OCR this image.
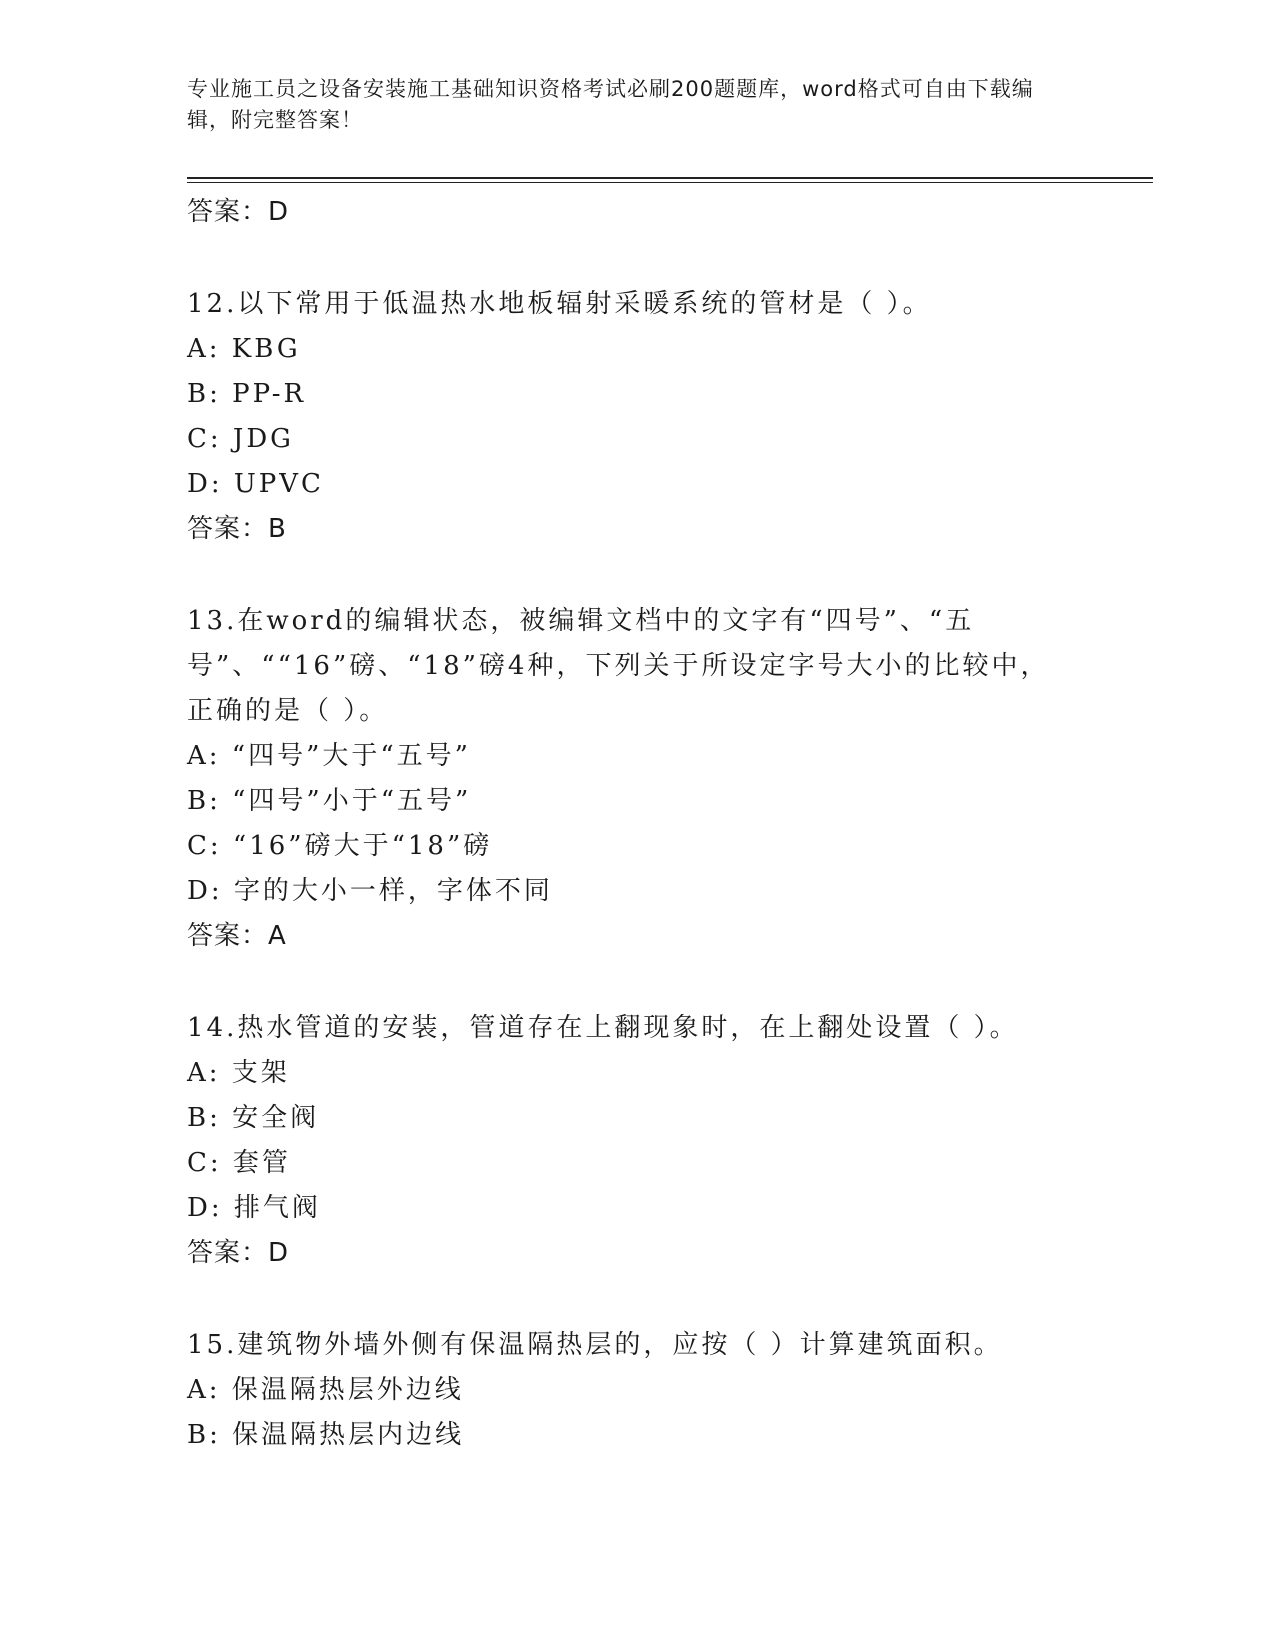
专业施工员之设备安装施工基础知识资格考试必刷200题题库，word格式可自由下载编辑，附完整答案！
答案：D
12.以下常用于低温热水地板辐射采暖系统的管材是（ ）。
A: KBG
B: PP-R
C: JDG
D: UPVC
答案：B
13.在word的编辑状态，被编辑文档中的文字有“四号”、“五号”、““16”磅、“18”磅4种，下列关于所设定字号大小的比较中，正确的是（ ）。
A: “四号”大于“五号”
B: “四号”小于“五号”
C: “16”磅大于“18”磅
D: 字的大小一样，字体不同
答案：A
14.热水管道的安装，管道存在上翻现象时，在上翻处设置（ ）。
A: 支架
B: 安全阀
C: 套管
D: 排气阀
答案：D
15.建筑物外墙外侧有保温隔热层的，应按（ ）计算建筑面积。
A: 保温隔热层外边线
B: 保温隔热层内边线
